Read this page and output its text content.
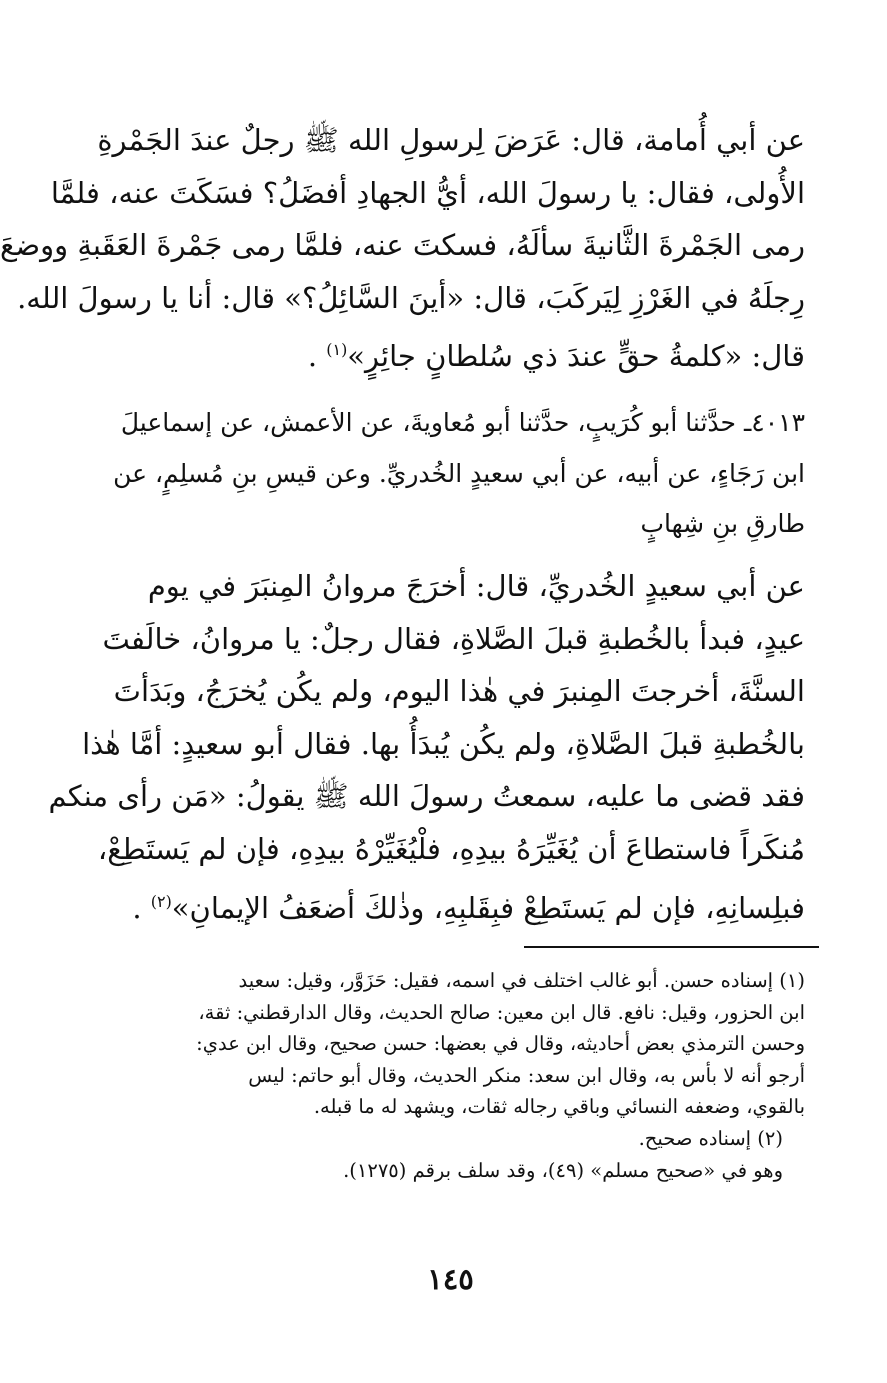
عن أبي أُمامة، قال: عَرَضَ لِرسولِ الله ﷺ رجلٌ عندَ الجَمْرةِ
الأُولى، فقال: يا رسولَ الله، أيُّ الجهادِ أفضَلُ؟ فسَكَتَ عنه، فلمَّا
رمى الجَمْرةَ الثَّانيةَ سألَهُ، فسكتَ عنه، فلمَّا رمى جَمْرةَ العَقَبةِ ووضعَ
رِجلَهُ في الغَرْزِ لِيَركَبَ، قال: «أينَ السَّائِلُ؟» قال: أنا يا رسولَ الله.
قال: «كلمةُ حقٍّ عندَ ذي سُلطانٍ جائِرٍ»$^{(١)}$ .
٤٠١٣ـ حدَّثنا أبو كُرَيبٍ، حدَّثنا أبو مُعاويةَ، عن الأعمش، عن إسماعيلَ
ابن رَجَاءٍ، عن أبيه، عن أبي سعيدٍ الخُدريِّ. وعن قيسِ بنِ مُسلِمٍ، عن
طارقِ بنِ شِهابٍ
عن أبي سعيدٍ الخُدريِّ، قال: أخرَجَ مروانُ المِنبَرَ في يوم
عيدٍ، فبدأ بالخُطبةِ قبلَ الصَّلاةِ، فقال رجلٌ: يا مروانُ، خالَفتَ
السنَّةَ، أخرجتَ المِنبرَ في هٰذا اليوم، ولم يكُن يُخرَجُ، وبَدَأتَ
بالخُطبةِ قبلَ الصَّلاةِ، ولم يكُن يُبدَأُ بها. فقال أبو سعيدٍ: أمَّا هٰذا
فقد قضى ما عليه، سمعتُ رسولَ الله ﷺ يقولُ: «مَن رأى منكم
مُنكَراً فاستطاعَ أن يُغَيِّرَهُ بيدِهِ، فلْيُغَيِّرْهُ بيدِهِ، فإن لم يَستَطِعْ،
فبلِسانِهِ، فإن لم يَستَطِعْ فبِقَلبِهِ، وذٰلكَ أضعَفُ الإيمانِ»$^{(٢)}$ .
(١) إسناده حسن. أبو غالب اختلف في اسمه، فقيل: حَزَوَّر، وقيل: سعيد
ابن الحزور، وقيل: نافع. قال ابن معين: صالح الحديث، وقال الدارقطني: ثقة،
وحسن الترمذي بعض أحاديثه، وقال في بعضها: حسن صحيح، وقال ابن عدي:
أرجو أنه لا بأس به، وقال ابن سعد: منكر الحديث، وقال أبو حاتم: ليس
بالقوي، وضعفه النسائي وباقي رجاله ثقات، ويشهد له ما قبله.
(٢) إسناده صحيح.
وهو في «صحيح مسلم» (٤٩)، وقد سلف برقم (١٢٧٥).
١٤٥
